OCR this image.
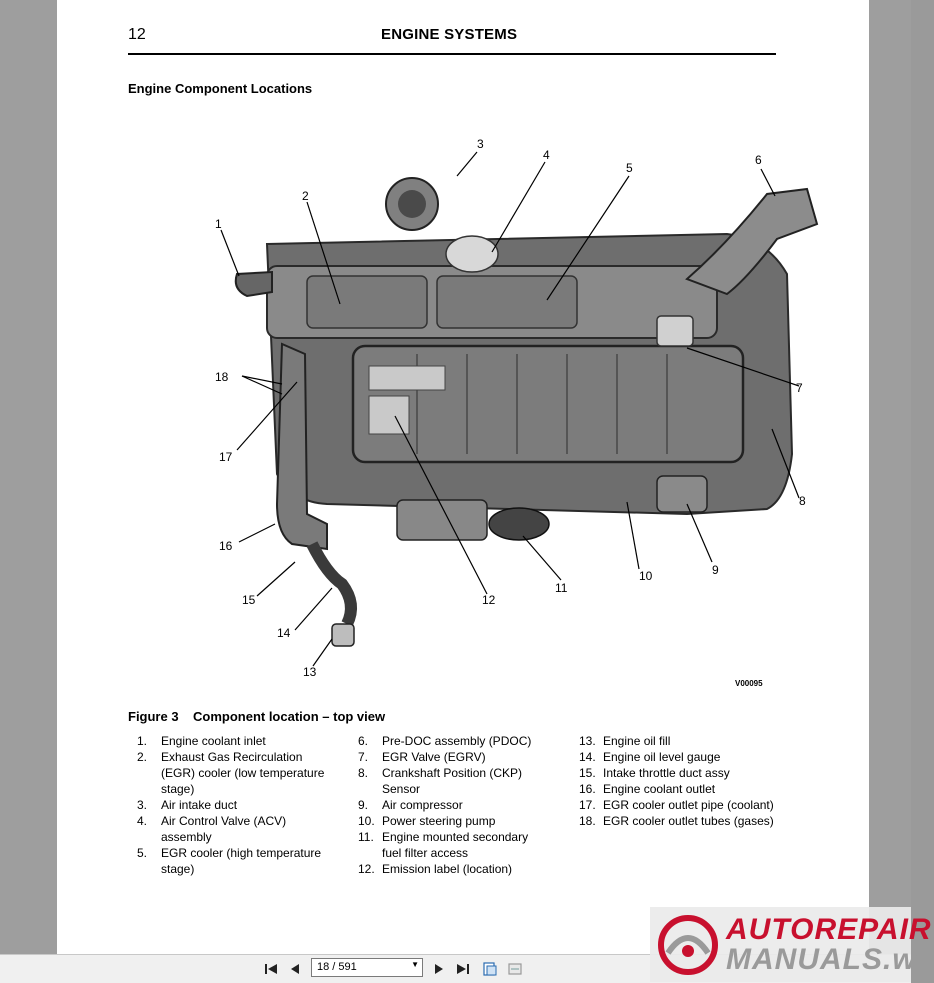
12	ENGINE SYSTEMS
Engine Component Locations
1
2
3
4
5
6
7
8
9
10
11
12
13
14
15
16
17
18
V00095
Figure 3 Component location – top view
1.	Engine coolant inlet
2.	Exhaust Gas Recirculation (EGR) cooler (low temperature stage)
3.	Air intake duct
4.	Air Control Valve (ACV) assembly
5.	EGR cooler (high temperature stage)
6.	Pre-DOC assembly (PDOC)
7.	EGR Valve (EGRV)
8.	Crankshaft Position (CKP) Sensor
9.	Air compressor
10. Power steering pump
11. Engine mounted secondary fuel filter access
12. Emission label (location)
13. Engine oil fill
14. Engine oil level gauge
15. Intake throttle duct assy
16. Engine coolant outlet
17. EGR cooler outlet pipe (coolant)
18. EGR cooler outlet tubes (gases)
18 / 591	▼
AUTOREPAIR
MANUALS.ws
